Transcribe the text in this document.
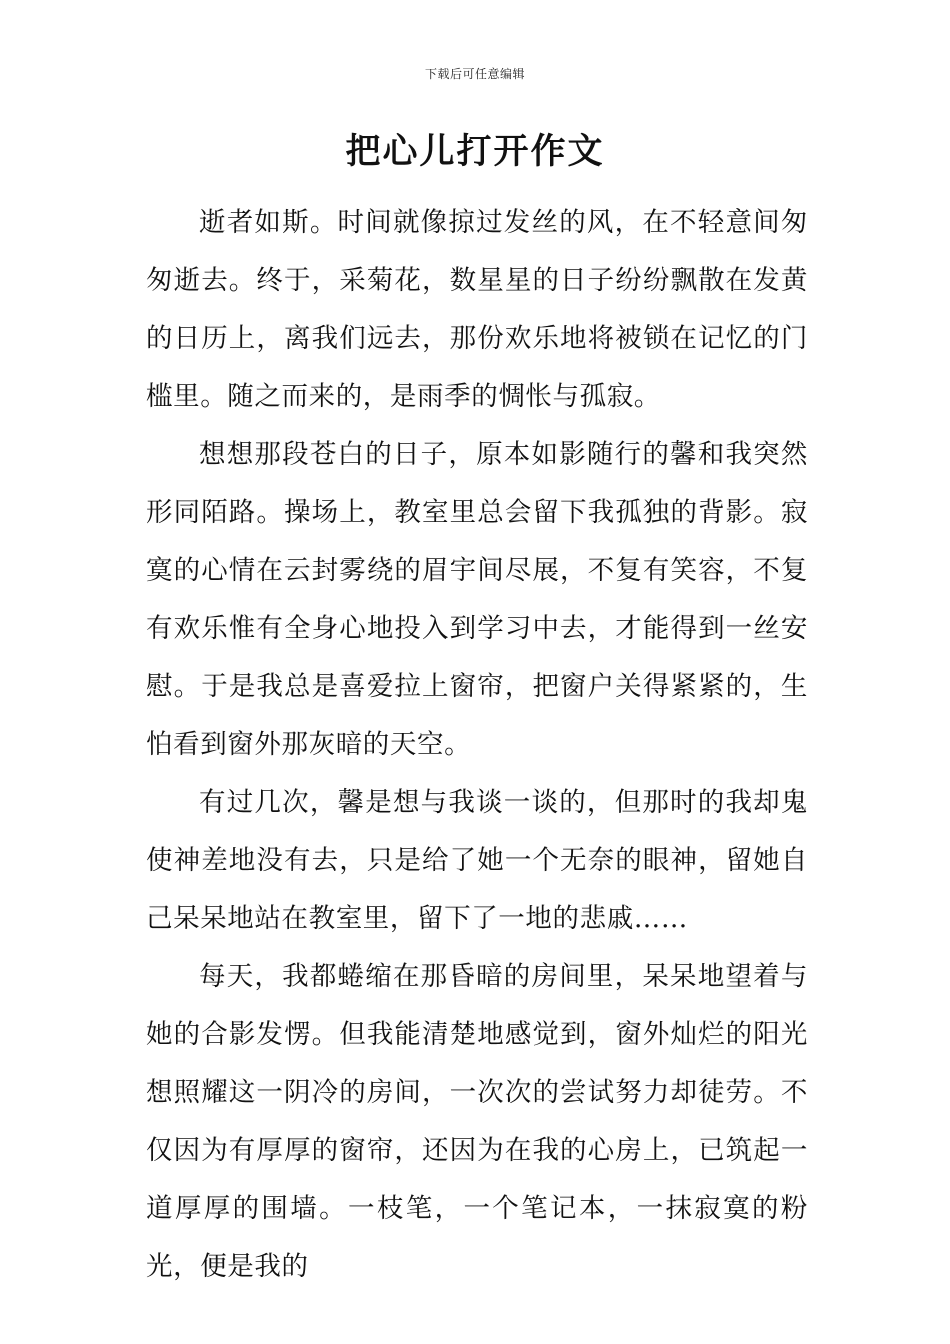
下载后可任意编辑
把心儿打开作文

逝者如斯。时间就像掠过发丝的风，在不轻意间匆匆逝去。终于，采菊花，数星星的日子纷纷飘散在发黄的日历上，离我们远去，那份欢乐地将被锁在记忆的门槛里。随之而来的，是雨季的惆怅与孤寂。

想想那段苍白的日子，原本如影随行的馨和我突然形同陌路。操场上，教室里总会留下我孤独的背影。寂寞的心情在云封雾绕的眉宇间尽展，不复有笑容，不复有欢乐惟有全身心地投入到学习中去，才能得到一丝安慰。于是我总是喜爱拉上窗帘，把窗户关得紧紧的，生怕看到窗外那灰暗的天空。

有过几次，馨是想与我谈一谈的，但那时的我却鬼使神差地没有去，只是给了她一个无奈的眼神，留她自己呆呆地站在教室里，留下了一地的悲戚……

每天，我都蜷缩在那昏暗的房间里，呆呆地望着与她的合影发愣。但我能清楚地感觉到，窗外灿烂的阳光想照耀这一阴冷的房间，一次次的尝试努力却徒劳。不仅因为有厚厚的窗帘，还因为在我的心房上，已筑起一道厚厚的围墙。一枝笔，一个笔记本，一抹寂寞的粉光，便是我的
